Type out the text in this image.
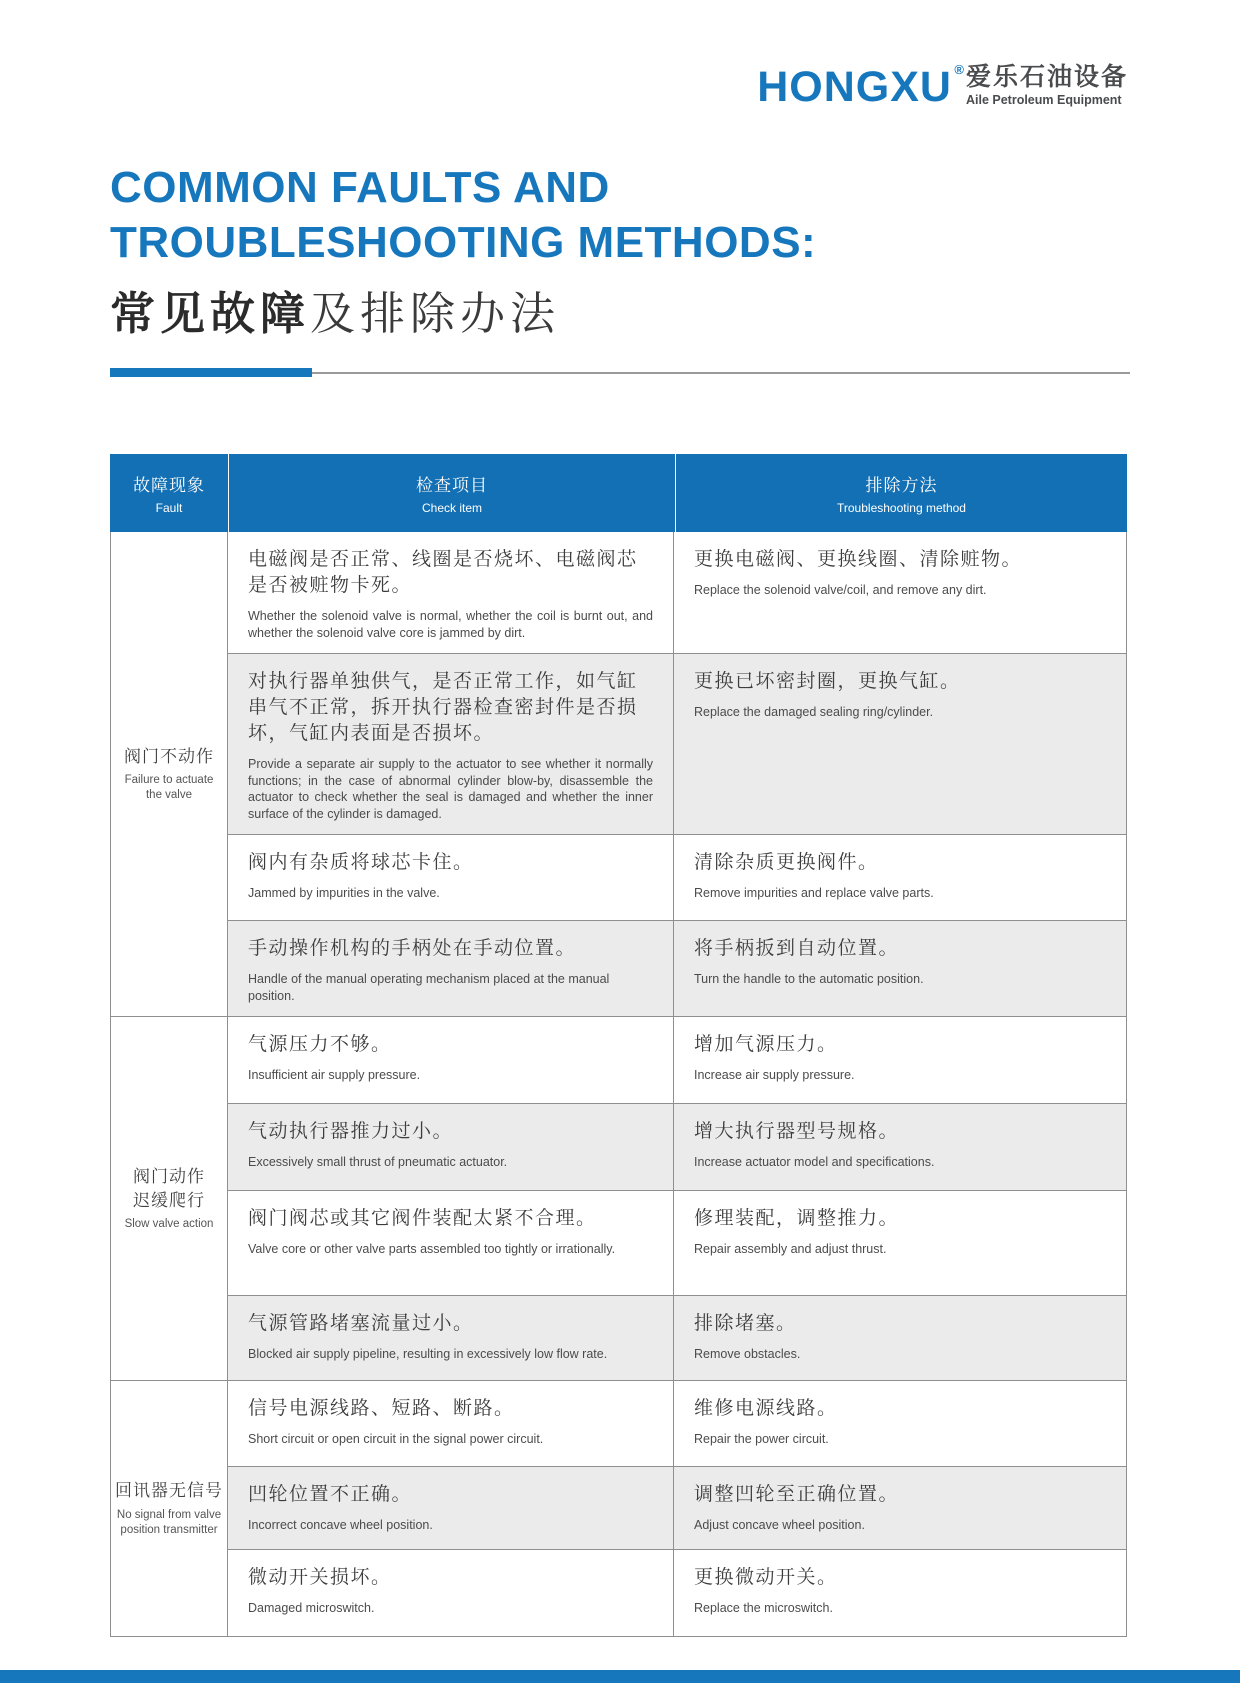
HONGXU ® 爱乐石油设备
Aile Petroleum Equipment
COMMON FAULTS AND
TROUBLESHOOTING METHODS:
常见故障及排除办法
故障现象
Fault
检查项目
Check item
排除方法
Troubleshooting method
阀门不动作
Failure to actuate the valve
电磁阀是否正常、线圈是否烧坏、电磁阀芯是否被赃物卡死。
Whether the solenoid valve is normal, whether the coil is burnt out, and whether the solenoid valve core is jammed by dirt.
更换电磁阀、更换线圈、清除赃物。
Replace the solenoid valve/coil, and remove any dirt.
对执行器单独供气，是否正常工作，如气缸串气不正常，拆开执行器检查密封件是否损坏，气缸内表面是否损坏。
Provide a separate air supply to the actuator to see whether it normally functions; in the case of abnormal cylinder blow-by, disassemble the actuator to check whether the seal is damaged and whether the inner surface of the cylinder is damaged.
更换已坏密封圈，更换气缸。
Replace the damaged sealing ring/cylinder.
阀内有杂质将球芯卡住。
Jammed by impurities in the valve.
清除杂质更换阀件。
Remove impurities and replace valve parts.
手动操作机构的手柄处在手动位置。
Handle of the manual operating mechanism placed at the manual position.
将手柄扳到自动位置。
Turn the handle to the automatic position.
阀门动作
迟缓爬行
Slow valve action
气源压力不够。
Insufficient air supply pressure.
增加气源压力。
Increase air supply pressure.
气动执行器推力过小。
Excessively small thrust of pneumatic actuator.
增大执行器型号规格。
Increase actuator model and specifications.
阀门阀芯或其它阀件装配太紧不合理。
Valve core or other valve parts assembled too tightly or irrationally.
修理装配，调整推力。
Repair assembly and adjust thrust.
气源管路堵塞流量过小。
Blocked air supply pipeline, resulting in excessively low flow rate.
排除堵塞。
Remove obstacles.
回讯器无信号
No signal from valve position transmitter
信号电源线路、短路、断路。
Short circuit or open circuit in the signal power circuit.
维修电源线路。
Repair the power circuit.
凹轮位置不正确。
Incorrect concave wheel position.
调整凹轮至正确位置。
Adjust concave wheel position.
微动开关损坏。
Damaged microswitch.
更换微动开关。
Replace the microswitch.
